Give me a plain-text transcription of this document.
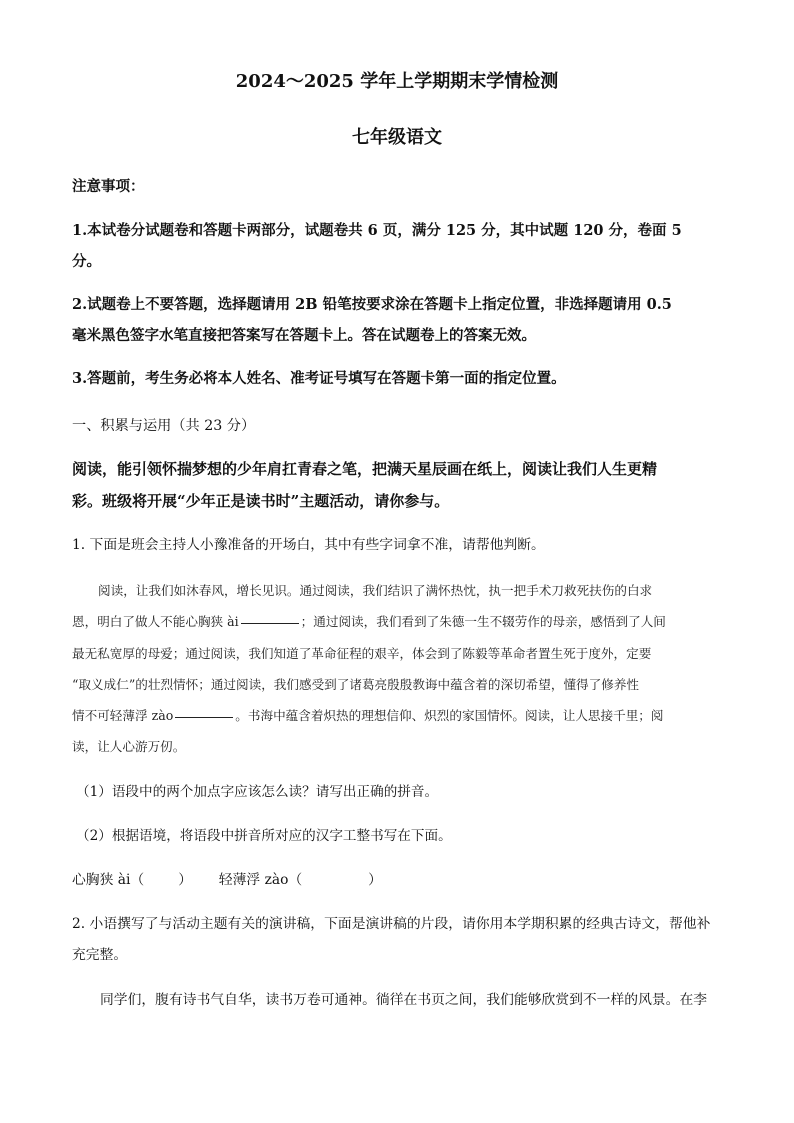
2024～2025 学年上学期期末学情检测
七年级语文
注意事项：
1.本试卷分试题卷和答题卡两部分，试题卷共 6 页，满分 125 分，其中试题 120 分，卷面 5
分。
2.试题卷上不要答题，选择题请用 2B 铅笔按要求涂在答题卡上指定位置，非选择题请用 0.5
毫米黑色签字水笔直接把答案写在答题卡上。答在试题卷上的答案无效。
3.答题前，考生务必将本人姓名、准考证号填写在答题卡第一面的指定位置。
一、积累与运用（共 23 分）
阅读，能引领怀揣梦想的少年肩扛青春之笔，把满天星辰画在纸上，阅读让我们人生更精
彩。班级将开展“少年正是读书时”主题活动，请你参与。
1. 下面是班会主持人小豫准备的开场白，其中有些字词拿不准，请帮他判断。
阅读，让我们如沐春风，增长见识。通过阅读，我们结识了满怀热忱，执一把手术刀救死扶伤的白求
恩，明白了做人不能心胸狭 ài	；通过阅读，我们看到了朱德一生不辍劳作的母亲，感悟到了人间
最无私宽厚的母爱；通过阅读，我们知道了革命征程的艰辛，体会到了陈毅等革命者置生死于度外，定要
“取义成仁”的壮烈情怀；通过阅读，我们感受到了诸葛亮殷殷教诲中蕴含着的深切希望，懂得了修养性
情不可轻薄浮 zào	。书海中蕴含着炽热的理想信仰、炽烈的家国情怀。阅读，让人思接千里；阅
读，让人心游万仞。
（1）语段中的两个加点字应该怎么读？请写出正确的拼音。
（2）根据语境，将语段中拼音所对应的汉字工整书写在下面。
心胸狭 ài（ ） 轻薄浮 zào（	）
2. 小语撰写了与活动主题有关的演讲稿，下面是演讲稿的片段，请你用本学期积累的经典古诗文，帮他补
充完整。
同学们，腹有诗书气自华，读书万卷可通神。徜徉在书页之间，我们能够欣赏到不一样的风景。在李
